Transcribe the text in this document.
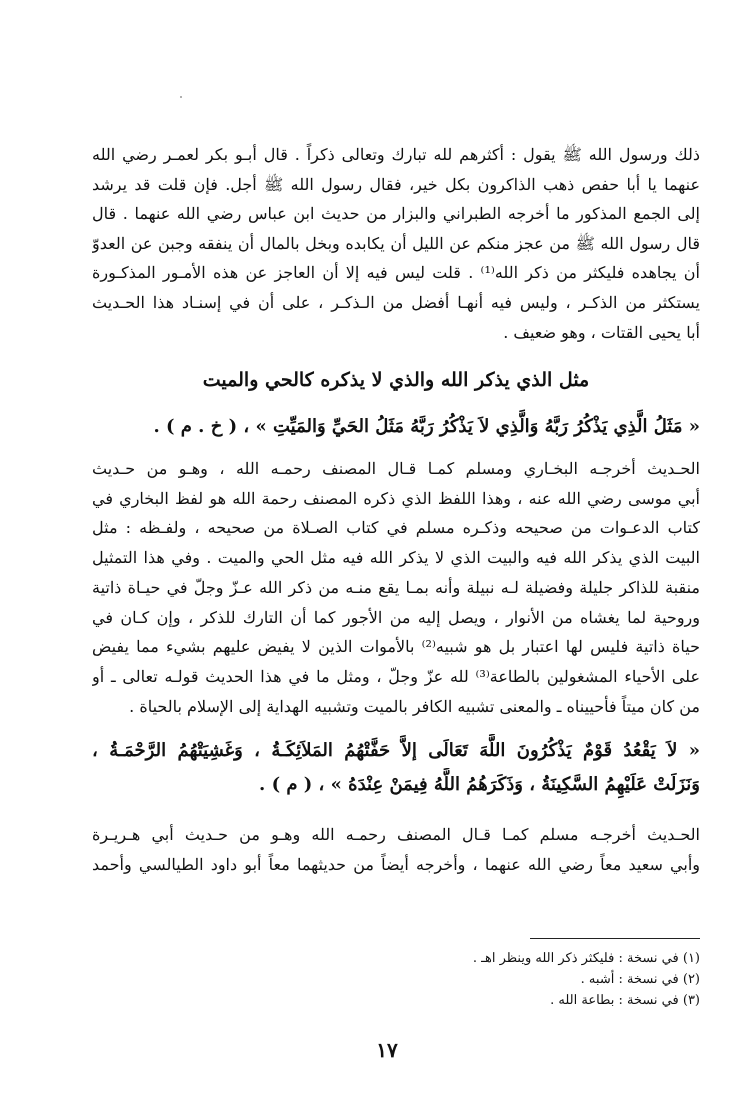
ذلك ورسول الله ﷺ يقول : أكثرهم لله تبارك وتعالى ذكراً . قال أبـو بكر لعمـر رضي الله
عنهما يا أبا حفص ذهب الذاكرون بكل خير، فقال رسول الله ﷺ أجل. فإن قلت قد يرشد
إلى الجمع المذكور ما أخرجه الطبراني والبزار من حديث ابن عباس رضي الله عنهما . قال
قال رسول الله ﷺ من عجز منكم عن الليل أن يكابده وبخل بالمال أن ينفقه وجبن عن العدوّ
أن يجاهده فليكثر من ذكر الله⁽¹⁾ . قلت ليس فيه إلا أن العاجز عن هذه الأمـور المذكـورة
يستكثر من الذكـر ، وليس فيه أنهـا أفضل من الـذكـر ، على أن في إسنـاد هذا الحـديث
أبا يحيى القتات ، وهو ضعيف .
مثل الذي يذكر الله والذي لا يذكره كالحي والميت
« مَثَلُ الَّذِي يَذْكُرُ رَبَّهُ وَالَّذِي لاَ يَذْكُرُ رَبَّهُ مَثَلُ الحَيِّ وَالمَيِّتِ » ، ( خ . م ) .
الحـديث أخرجـه البخـاري ومسلم كمـا قـال المصنف رحمـه الله ، وهـو من حـديث
أبي موسى رضي الله عنه ، وهذا اللفظ الذي ذكره المصنف رحمة الله هو لفظ البخاري في
كتاب الدعـوات من صحيحه وذكـره مسلم في كتاب الصـلاة من صحيحه ، ولفـظه : مثل
البيت الذي يذكر الله فيه والبيت الذي لا يذكر الله فيه مثل الحي والميت . وفي هذا التمثيل
منقبة للذاكر جليلة وفضيلة لـه نبيلة وأنه بمـا يقع منـه من ذكر الله عـزّ وجلّ في حيـاة ذاتية
وروحية لما يغشاه من الأنوار ، ويصل إليه من الأجور كما أن التارك للذكر ، وإن كـان في
حياة ذاتية فليس لها اعتبار بل هو شبيه⁽²⁾ بالأموات الذين لا يفيض عليهم بشيء مما يفيض
على الأحياء المشغولين بالطاعة⁽³⁾ لله عزّ وجلّ ، ومثل ما في هذا الحديث قولـه تعالى ـ أو
من كان ميتاً فأحييناه ـ والمعنى تشبيه الكافر بالميت وتشبيه الهداية إلى الإسلام بالحياة .
« لاَ يَقْعُدُ قَوْمٌ يَذْكُرُونَ اللَّهَ تَعَالَى إلاَّ حَفَّتْهُمُ المَلاَئِكَـةُ ، وَغَشِيَتْهُمُ الرَّحْمَـةُ ،
وَنَزَلَتْ عَلَيْهِمُ السَّكِينَةُ ، وَذَكَرَهُمُ اللَّهُ فِيمَنْ عِنْدَهُ » ، ( م ) .
الحـديث أخرجـه مسلم كمـا قـال المصنف رحمـه الله وهـو من حـديث أبي هـريـرة
وأبي سعيد معاً رضي الله عنهما ، وأخرجه أيضاً من حديثهما معاً أبو داود الطيالسي وأحمد
(١) في نسخة : فليكثر ذكر الله وينظر اهـ .
(٢) في نسخة : أشبه .
(٣) في نسخة : بطاعة الله .
١٧
